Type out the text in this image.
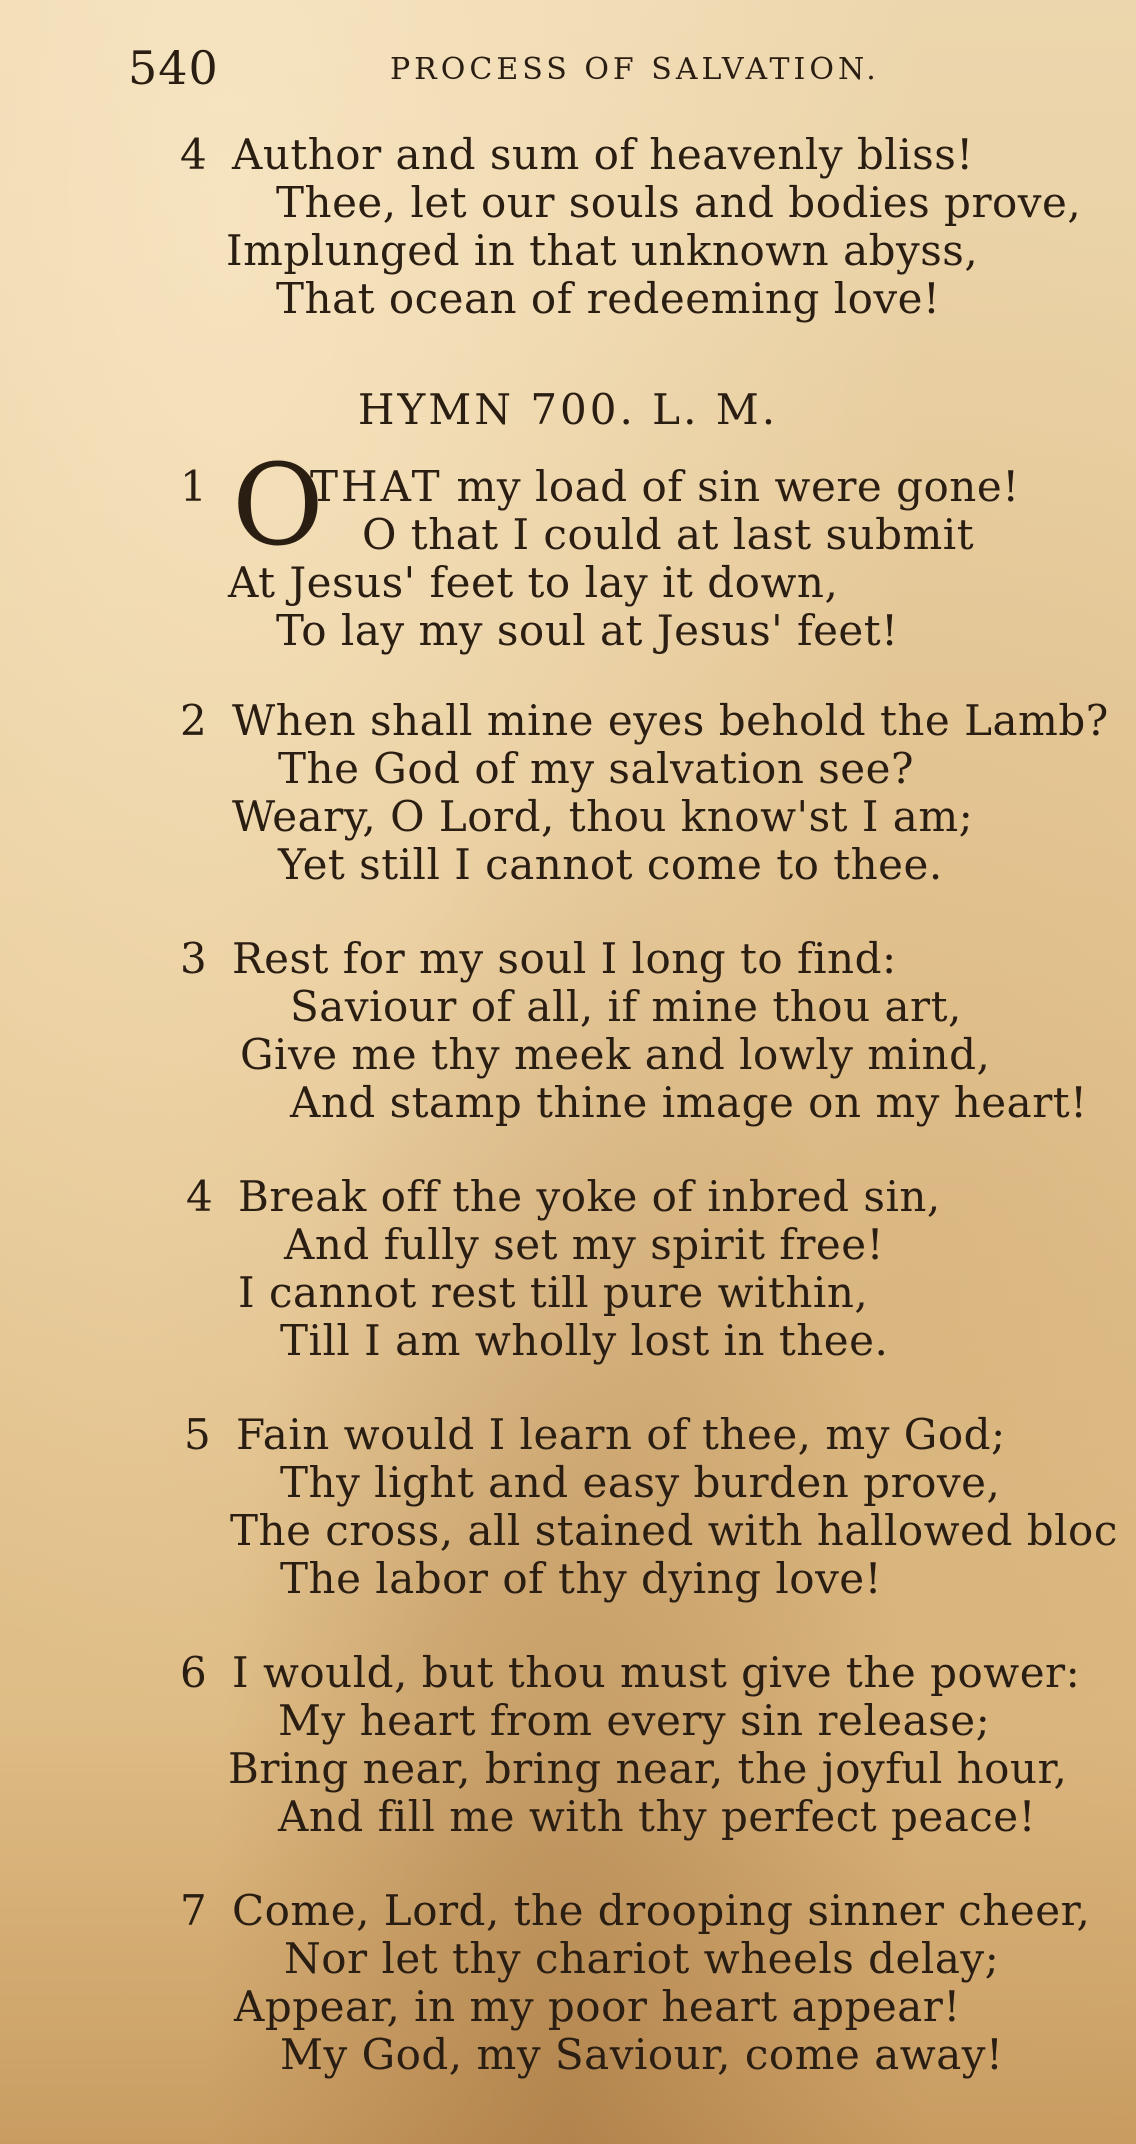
540	PROCESS OF SALVATION.
4 Author and sum of heavenly bliss!
Thee, let our souls and bodies prove,
Implunged in that unknown abyss,
That ocean of redeeming love!
HYMN 700. L. M.
1 O
THAT my load of sin were gone!
O that I could at last submit
At Jesus' feet to lay it down,
To lay my soul at Jesus' feet!
2 When shall mine eyes behold the Lamb?
The God of my salvation see?
Weary, O Lord, thou know'st I am;
Yet still I cannot come to thee.
3 Rest for my soul I long to find:
Saviour of all, if mine thou art,
Give me thy meek and lowly mind,
And stamp thine image on my heart!
4 Break off the yoke of inbred sin,
And fully set my spirit free!
I cannot rest till pure within,
Till I am wholly lost in thee.
5 Fain would I learn of thee, my God;
Thy light and easy burden prove,
The cross, all stained with hallowed bloc
The labor of thy dying love!
6 I would, but thou must give the power:
My heart from every sin release;
Bring near, bring near, the joyful hour,
And fill me with thy perfect peace!
7 Come, Lord, the drooping sinner cheer,
Nor let thy chariot wheels delay;
Appear, in my poor heart appear!
My God, my Saviour, come away!
